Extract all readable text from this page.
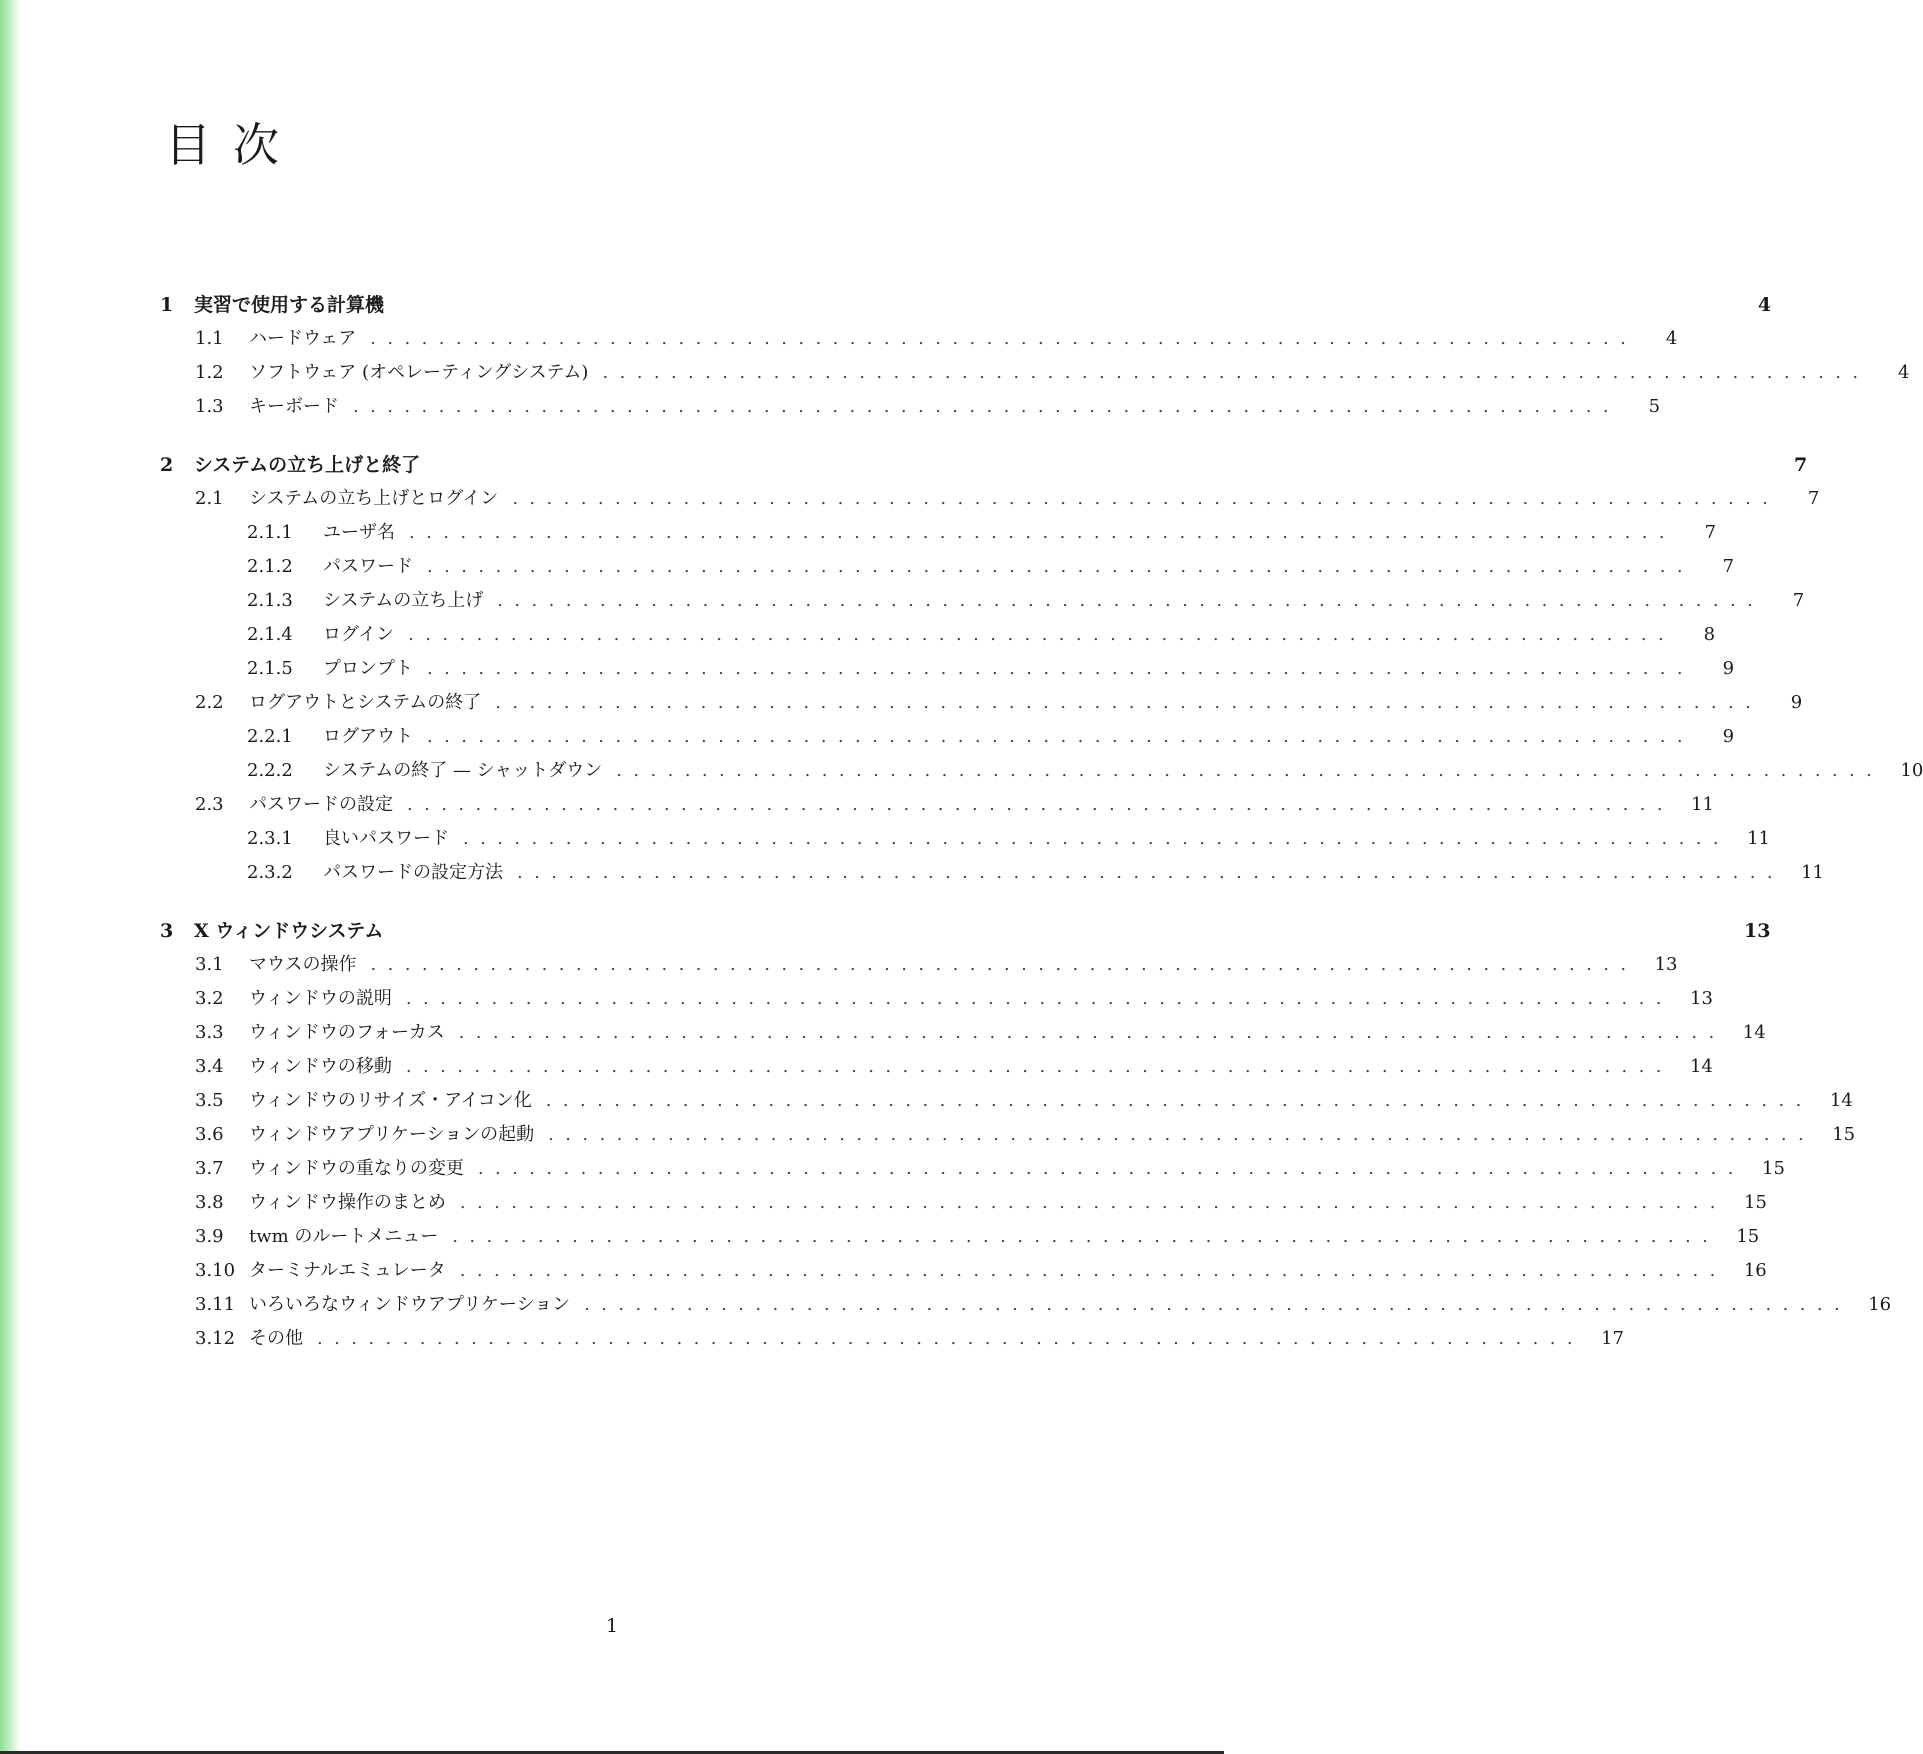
目次
1	実習で使用する計算機	4
1.1	ハードウェア ..........................................................................	4
1.2	ソフトウェア (オペレーティングシステム) ..........................................................................	4
1.3	キーボード ..........................................................................	5
2	システムの立ち上げと終了	7
2.1	システムの立ち上げとログイン ..........................................................................	7
2.1.1	ユーザ名 ..........................................................................	7
2.1.2	パスワード ..........................................................................	7
2.1.3	システムの立ち上げ ..........................................................................	7
2.1.4	ログイン ..........................................................................	8
2.1.5	プロンプト ..........................................................................	9
2.2	ログアウトとシステムの終了 ..........................................................................	9
2.2.1	ログアウト ..........................................................................	9
2.2.2	システムの終了 — シャットダウン .......................................................................... 10
2.3	パスワードの設定 .......................................................................... 11
2.3.1	良いパスワード .......................................................................... 11
2.3.2	パスワードの設定方法 .......................................................................... 11
3	X ウィンドウシステム	13
3.1	マウスの操作 .......................................................................... 13
3.2	ウィンドウの説明 .......................................................................... 13
3.3	ウィンドウのフォーカス .......................................................................... 14
3.4	ウィンドウの移動 .......................................................................... 14
3.5	ウィンドウのリサイズ・アイコン化 .......................................................................... 14
3.6	ウィンドウアプリケーションの起動 .......................................................................... 15
3.7	ウィンドウの重なりの変更 .......................................................................... 15
3.8	ウィンドウ操作のまとめ .......................................................................... 15
3.9	twm のルートメニュー .......................................................................... 15
3.10 ターミナルエミュレータ .......................................................................... 16
3.11 いろいろなウィンドウアプリケーション .......................................................................... 16
3.12 その他 .......................................................................... 17
1
